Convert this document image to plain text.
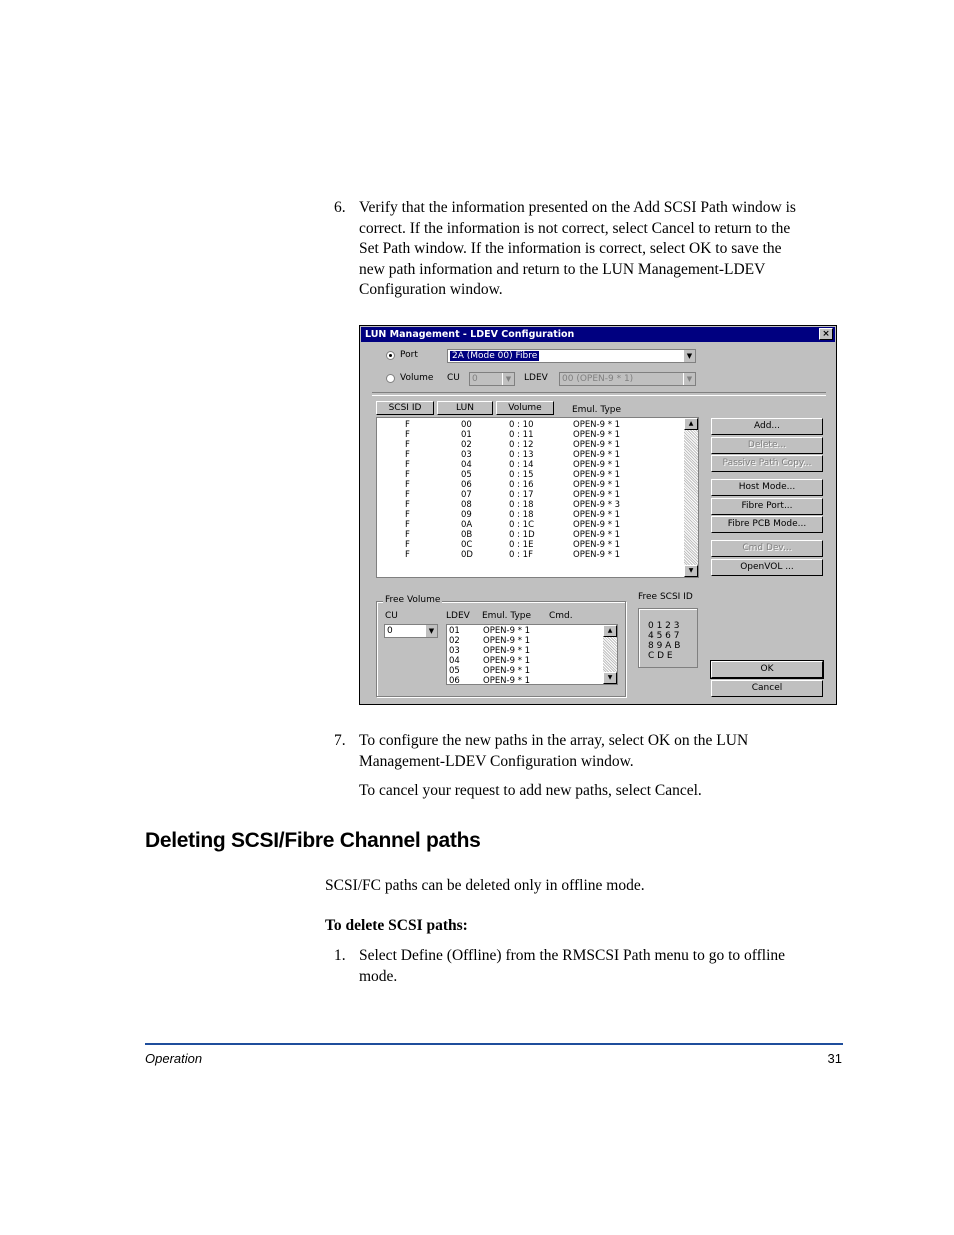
6. Verify that the information presented on the Add SCSI Path window is
correct. If the information is not correct, select Cancel to return to the
Set Path window. If the information is correct, select OK to save the
new path information and return to the LUN Management-LDEV
Configuration window.
LUN Management - LDEV Configuration	×
Port	2A (Mode 00) Fibre	▼
Volume CU	0	▼	LDEV	00 (OPEN-9 * 1)	▼
SCSI ID	LUN	Volume	Emul. Type
F	00	0 : 10	OPEN-9 * 1
F	01	0 : 11	OPEN-9 * 1
F	02	0 : 12	OPEN-9 * 1
F	03	0 : 13	OPEN-9 * 1
F	04	0 : 14	OPEN-9 * 1
F	05	0 : 15	OPEN-9 * 1
F	06	0 : 16	OPEN-9 * 1
F	07	0 : 17	OPEN-9 * 1
F	08	0 : 18	OPEN-9 * 3
F	09	0 : 18	OPEN-9 * 1
F	0A	0 : 1C	OPEN-9 * 1
F	0B	0 : 1D	OPEN-9 * 1
F	0C	0 : 1E	OPEN-9 * 1
F	0D	0 : 1F	OPEN-9 * 1
▲
▼
Add...
Delete...
Passive Path Copy...
Host Mode...
Fibre Port...
Fibre PCB Mode...
Cmd Dev...
OpenVOL ...
OK
Cancel
Free Volume
CU
0	▼
LDEV Emul. Type Cmd.
01	OPEN-9 * 1
02	OPEN-9 * 1
03	OPEN-9 * 1
04	OPEN-9 * 1
05	OPEN-9 * 1
06	OPEN-9 * 1
▲
▼
Free SCSI ID
0 1 2 3
4 5 6 7
8 9 A B
C D E
7. To configure the new paths in the array, select OK on the LUN
Management-LDEV Configuration window.
To cancel your request to add new paths, select Cancel.
Deleting SCSI/Fibre Channel paths
SCSI/FC paths can be deleted only in offline mode.
To delete SCSI paths:
1. Select Define (Offline) from the RMSCSI Path menu to go to offline
mode.
Operation	31
